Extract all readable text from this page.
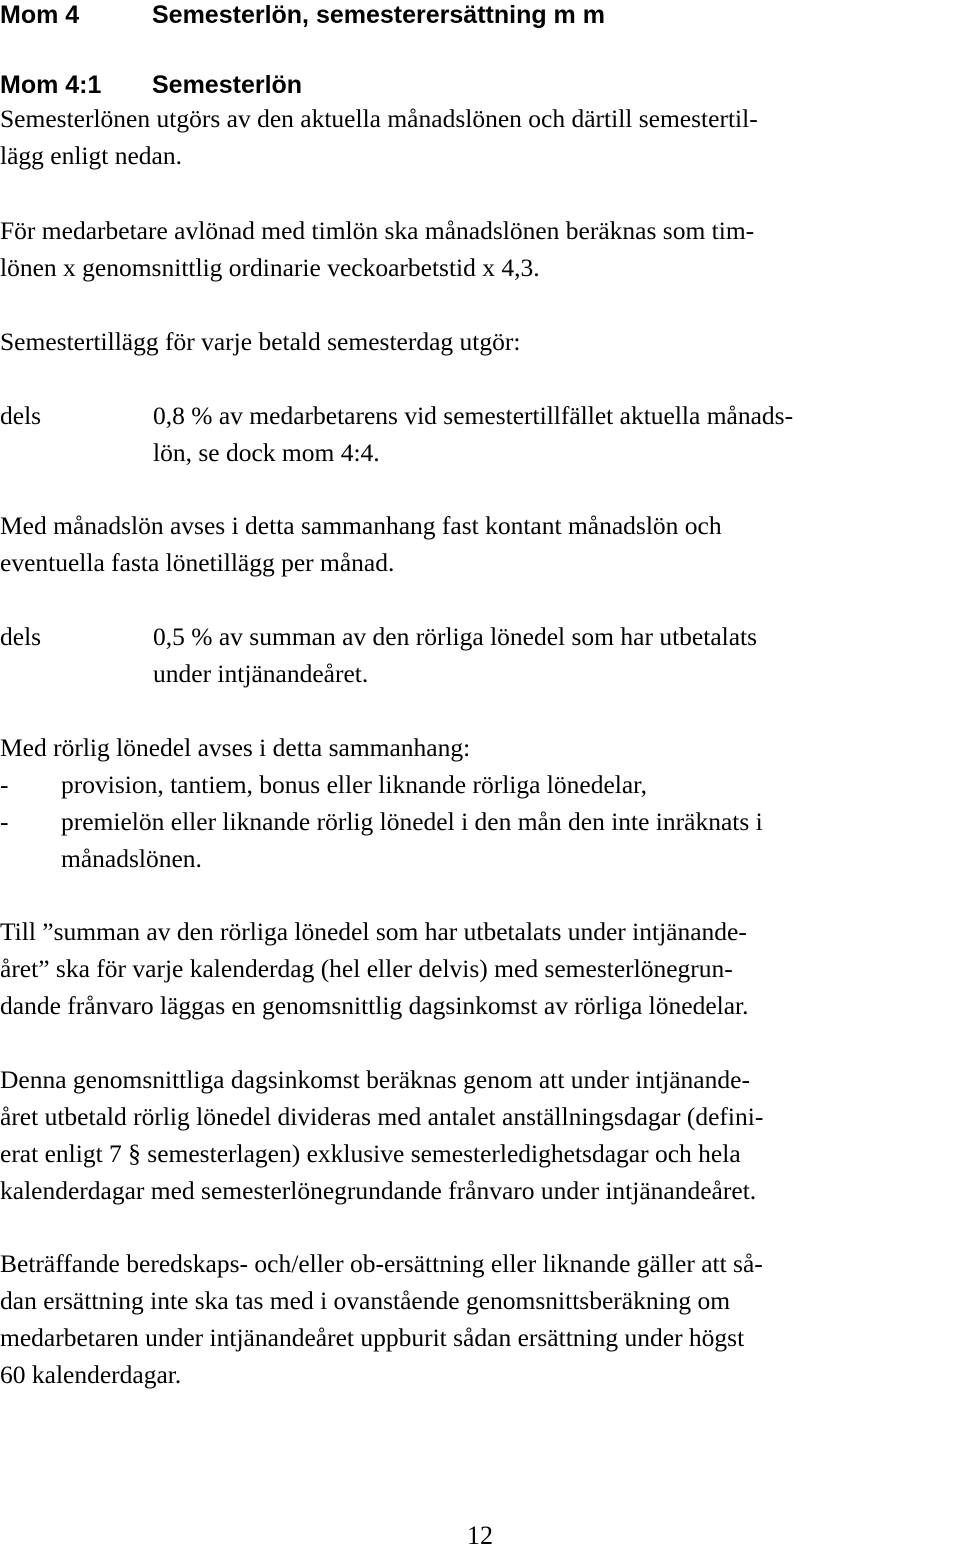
Mom 4	Semesterlön, semesterersättning m m
Mom 4:1 Semesterlön
Semesterlönen utgörs av den aktuella månadslönen och därtill semestertil-
lägg enligt nedan.
För medarbetare avlönad med timlön ska månadslönen beräknas som tim-
lönen x genomsnittlig ordinarie veckoarbetstid x 4,3.
Semestertillägg för varje betald semesterdag utgör:
dels	0,8 % av medarbetarens vid semestertillfället aktuella månads-
lön, se dock mom 4:4.
Med månadslön avses i detta sammanhang fast kontant månadslön och
eventuella fasta lönetillägg per månad.
dels	0,5 % av summan av den rörliga lönedel som har utbetalats
under intjänandeåret.
Med rörlig lönedel avses i detta sammanhang:
- provision, tantiem, bonus eller liknande rörliga lönedelar,
- premielön eller liknande rörlig lönedel i den mån den inte inräknats i
månadslönen.
Till ”summan av den rörliga lönedel som har utbetalats under intjänande-
året” ska för varje kalenderdag (hel eller delvis) med semesterlönegrun-
dande frånvaro läggas en genomsnittlig dagsinkomst av rörliga lönedelar.
Denna genomsnittliga dagsinkomst beräknas genom att under intjänande-
året utbetald rörlig lönedel divideras med antalet anställningsdagar (defini-
erat enligt 7 § semesterlagen) exklusive semesterledighetsdagar och hela
kalenderdagar med semesterlönegrundande frånvaro under intjänandeåret.
Beträffande beredskaps- och/eller ob-ersättning eller liknande gäller att så-
dan ersättning inte ska tas med i ovanstående genomsnittsberäkning om
medarbetaren under intjänandeåret uppburit sådan ersättning under högst
60 kalenderdagar.
12
